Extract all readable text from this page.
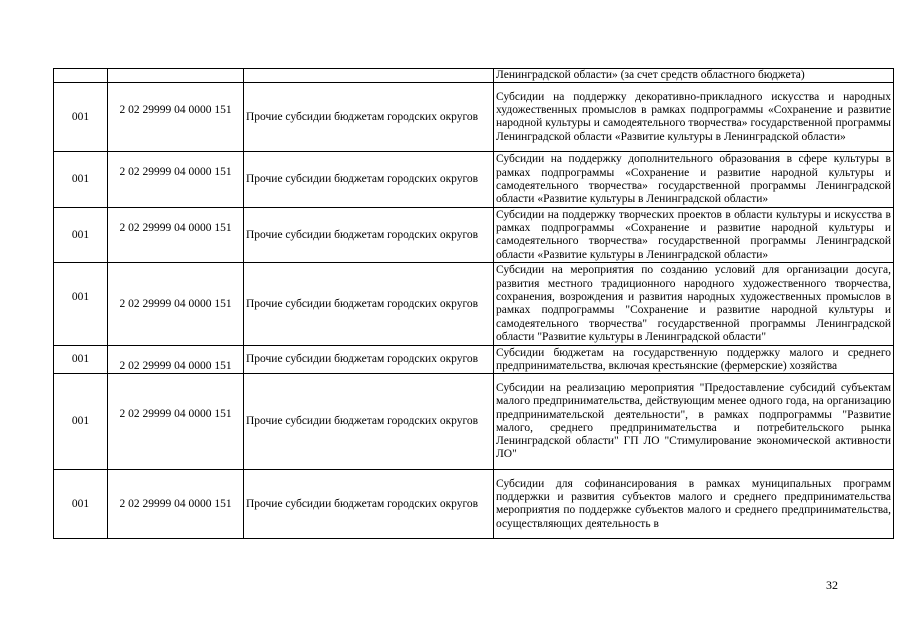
			Ленинградской области» (за счет средств областного бюджета)
001	2 02 29999 04 0000 151	Прочие субсидии бюджетам городских округов	Субсидии на поддержку декоративно-прикладного искусства и народных художественных промыслов в рамках подпрограммы «Сохранение и развитие народной культуры и самодеятельного творчества» государственной программы Ленинградской области «Развитие культуры в Ленинградской области»
001	2 02 29999 04 0000 151	Прочие субсидии бюджетам городских округов	Субсидии на поддержку дополнительного образования в сфере культуры в рамках подпрограммы «Сохранение и развитие народной культуры и самодеятельного творчества» государственной программы Ленинградской области «Развитие культуры в Ленинградской области»
001	2 02 29999 04 0000 151	Прочие субсидии бюджетам городских округов	Субсидии на поддержку творческих проектов в области культуры и искусства в рамках подпрограммы «Сохранение и развитие народной культуры и самодеятельного творчества» государственной программы Ленинградской области «Развитие культуры в Ленинградской области»
001	2 02 29999 04 0000 151	Прочие субсидии бюджетам городских округов	Субсидии на мероприятия по созданию условий для организации досуга, развития местного традиционного народного художественного творчества, сохранения, возрождения и развития народных художественных промыслов в рамках подпрограммы "Сохранение и развитие народной культуры и самодеятельного творчества" государственной программы Ленинградской области "Развитие культуры в Ленинградской области"
001	2 02 29999 04 0000 151	Прочие субсидии бюджетам городских округов	Субсидии бюджетам на государственную поддержку малого и среднего предпринимательства, включая крестьянские (фермерские) хозяйства
001	2 02 29999 04 0000 151	Прочие субсидии бюджетам городских округов	Субсидии на реализацию мероприятия "Предоставление субсидий субъектам малого предпринимательства, действующим менее одного года, на организацию предпринимательской деятельности", в рамках подпрограммы "Развитие малого, среднего предпринимательства и потребительского рынка Ленинградской области" ГП ЛО "Стимулирование экономической активности ЛО"
001	2 02 29999 04 0000 151	Прочие субсидии бюджетам городских округов	Субсидии для софинансирования в рамках муниципальных программ поддержки и развития субъектов малого и среднего предпринимательства мероприятия по поддержке субъектов малого и среднего предпринимательства, осуществляющих деятельность в
32
